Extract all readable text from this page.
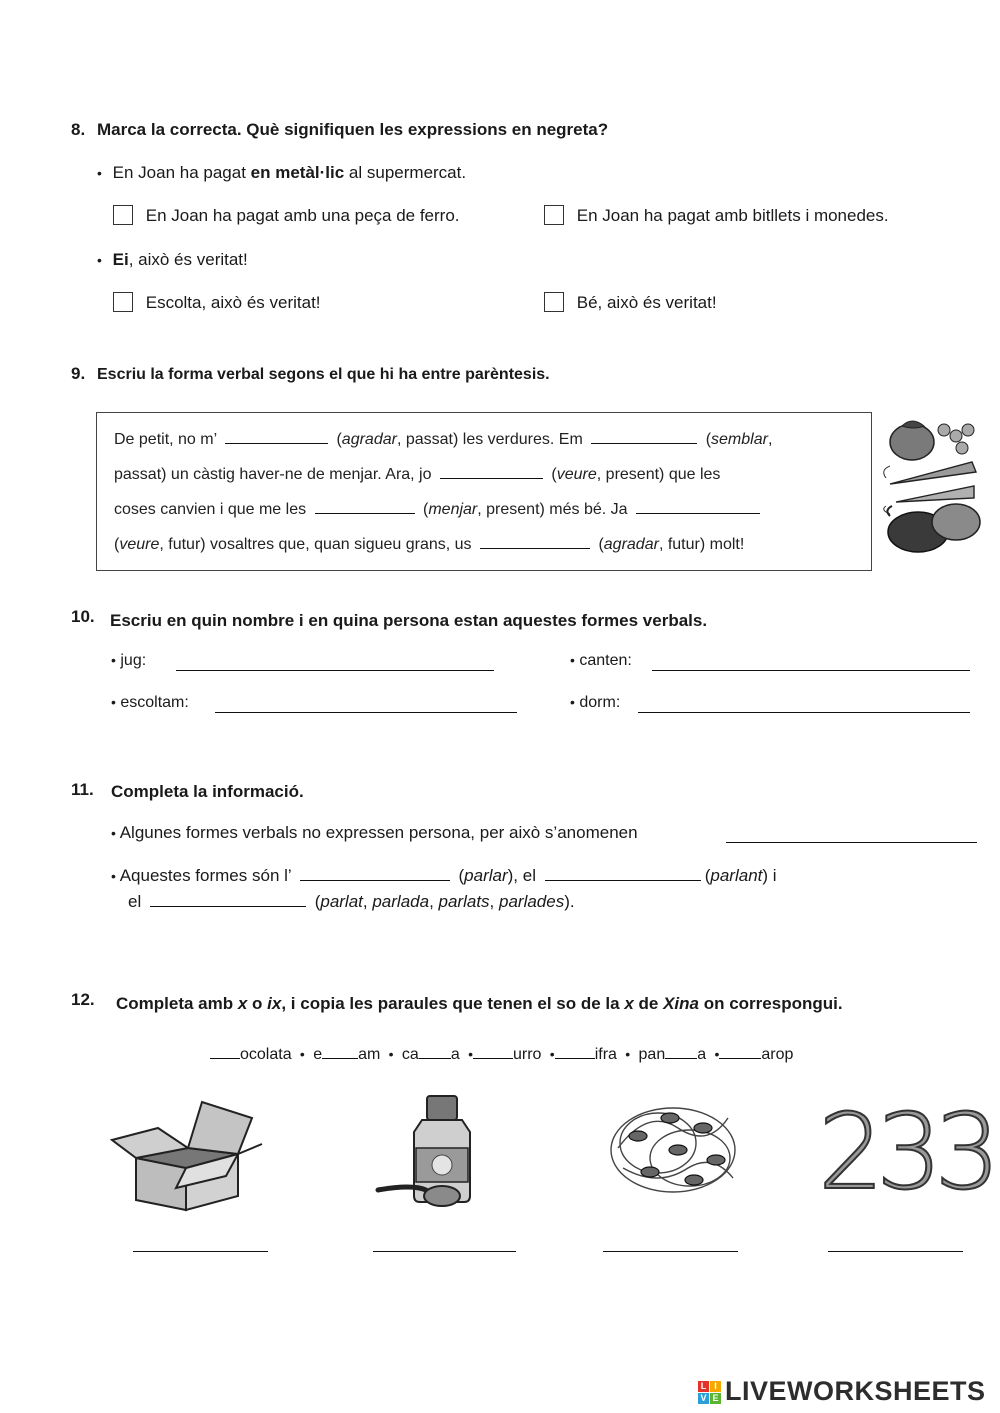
8. Marca la correcta. Què signifiquen les expressions en negreta?
• En Joan ha pagat en metàl·lic al supermercat.
En Joan ha pagat amb una peça de ferro.	En Joan ha pagat amb bitllets i monedes.
• Ei, això és veritat!
Escolta, això és veritat!	Bé, això és veritat!
9. Escriu la forma verbal segons el que hi ha entre parèntesis.
De petit, no m’	(agradar, passat) les verdures. Em	(semblar,
passat) un càstig haver-ne de menjar. Ara, jo	(veure, present) que les
coses canvien i que me les	(menjar, present) més bé. Ja
(veure, futur) vosaltres que, quan sigueu grans, us	(agradar, futur) molt!
10. Escriu en quin nombre i en quina persona estan aquestes formes verbals.
• jug:	• canten:
• escoltam:	• dorm:
11. Completa la informació.
• Algunes formes verbals no expressen persona, per això s’anomenen
• Aquestes formes són l’	(parlar), el	(parlant) i
el	(parlat, parlada, parlats, parlades).
12. Completa amb x o ix, i copia les paraules que tenen el so de la x de Xina on correspongui.
ocolata  •  e am  •  ca a  •	urro  •	ifra  •  pan a  •	arop
233
L I
V E LIVEWORKSHEETS
